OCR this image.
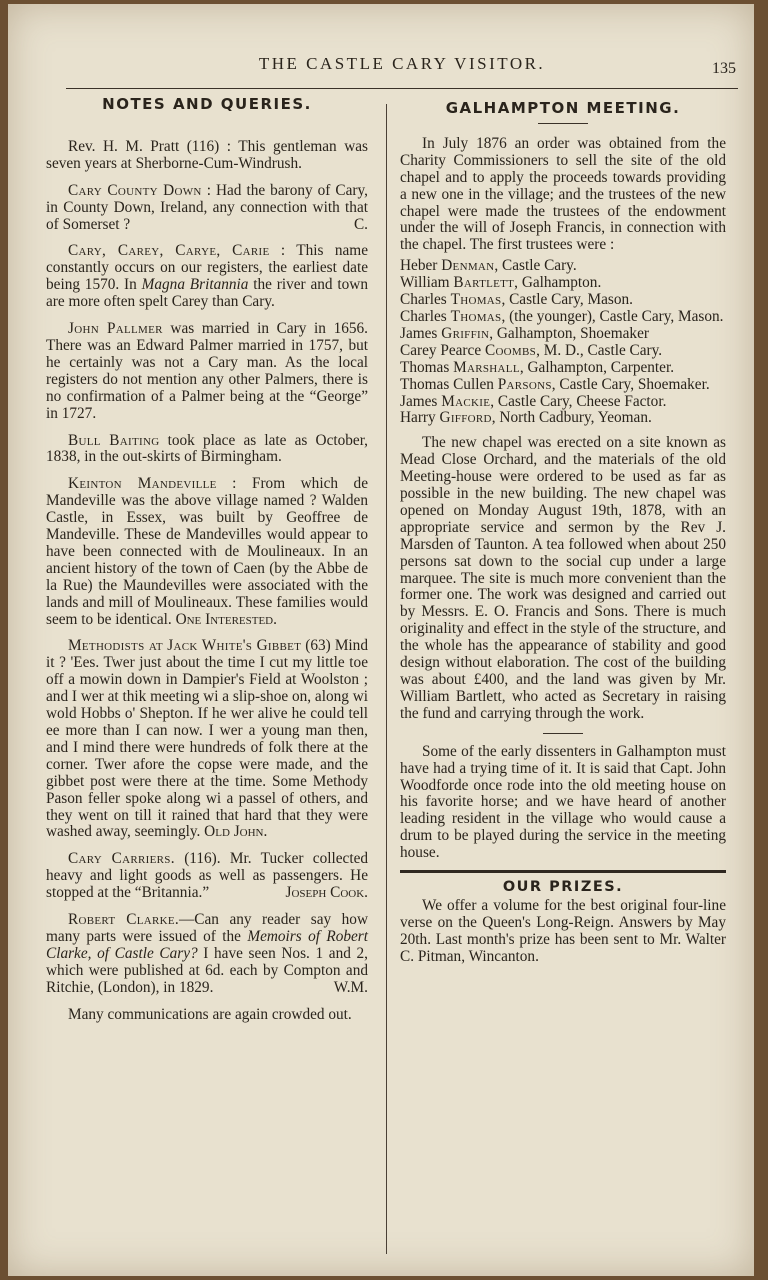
THE CASTLE CARY VISITOR.	135
NOTES AND QUERIES.

Rev. H. M. Pratt (116) : This gentleman was seven years at Sherborne-Cum-Windrush.

Cary County Down : Had the barony of Cary, in County Down, Ireland, any connection with that of Somerset ?	C.

Cary, Carey, Carye, Carie : This name constantly occurs on our registers, the earliest date being 1570. In Magna Britannia the river and town are more often spelt Carey than Cary.

John Pallmer was married in Cary in 1656. There was an Edward Palmer married in 1757, but he certainly was not a Cary man. As the local registers do not mention any other Palmers, there is no confirmation of a Palmer being at the “George” in 1727.

Bull Baiting took place as late as October, 1838, in the out-skirts of Birmingham.

Keinton Mandeville : From which de Mandeville was the above village named ? Walden Castle, in Essex, was built by Geoffree de Mandeville. These de Mandevilles would appear to have been connected with de Moulineaux. In an ancient history of the town of Caen (by the Abbe de la Rue) the Maundevilles were associated with the lands and mill of Moulineaux. These families would seem to be identical. One Interested.

Methodists at Jack White's Gibbet (63) Mind it ? 'Ees. Twer just about the time I cut my little toe off a mowin down in Dampier's Field at Woolston ; and I wer at thik meeting wi a slip-shoe on, along wi wold Hobbs o' Shepton. If he wer alive he could tell ee more than I can now. I wer a young man then, and I mind there were hundreds of folk there at the corner. Twer afore the copse were made, and the gibbet post were there at the time. Some Methody Pason feller spoke along wi a passel of others, and they went on till it rained that hard that they were washed away, seemingly. Old John.

Cary Carriers. (116). Mr. Tucker collected heavy and light goods as well as passengers. He stopped at the “Britannia.”	Joseph Cook.

Robert Clarke.—Can any reader say how many parts were issued of the Memoirs of Robert Clarke, of Castle Cary? I have seen Nos. 1 and 2, which were published at 6d. each by Compton and Ritchie, (London), in 1829.	W.M.

Many communications are again crowded out.

GALHAMPTON MEETING.

In July 1876 an order was obtained from the Charity Commissioners to sell the site of the old chapel and to apply the proceeds towards providing a new one in the village; and the trustees of the new chapel were made the trustees of the endowment under the will of Joseph Francis, in connection with the chapel. The first trustees were :

Heber Denman, Castle Cary.

William Bartlett, Galhampton.

Charles Thomas, Castle Cary, Mason.

Charles Thomas, (the younger), Castle Cary, Mason.

James Griffin, Galhampton, Shoemaker

Carey Pearce Coombs, M. D., Castle Cary.

Thomas Marshall, Galhampton, Carpenter.

Thomas Cullen Parsons, Castle Cary, Shoemaker.

James Mackie, Castle Cary, Cheese Factor.

Harry Gifford, North Cadbury, Yeoman.

The new chapel was erected on a site known as Mead Close Orchard, and the materials of the old Meeting-house were ordered to be used as far as possible in the new building. The new chapel was opened on Monday August 19th, 1878, with an appropriate service and sermon by the Rev J. Marsden of Taunton. A tea followed when about 250 persons sat down to the social cup under a large marquee. The site is much more convenient than the former one. The work was designed and carried out by Messrs. E. O. Francis and Sons. There is much originality and effect in the style of the structure, and the whole has the appearance of stability and good design without elaboration. The cost of the building was about £400, and the land was given by Mr. William Bartlett, who acted as Secretary in raising the fund and carrying through the work.

Some of the early dissenters in Galhampton must have had a trying time of it. It is said that Capt. John Woodforde once rode into the old meeting house on his favorite horse; and we have heard of another leading resident in the village who would cause a drum to be played during the service in the meeting house.

OUR PRIZES.

We offer a volume for the best original four-line verse on the Queen's Long-Reign. Answers by May 20th. Last month's prize has been sent to Mr. Walter C. Pitman, Wincanton.
